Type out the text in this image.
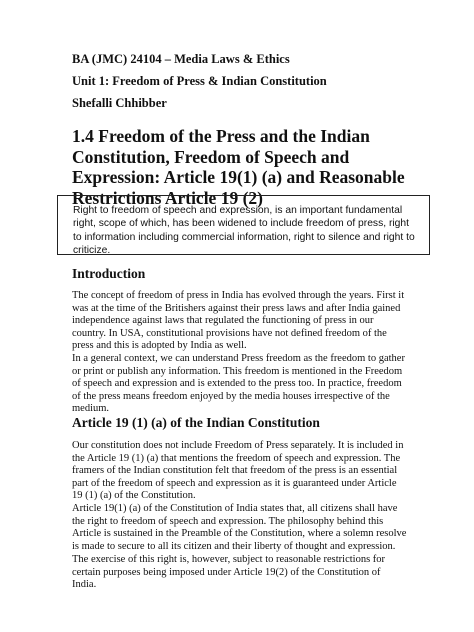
BA (JMC) 24104 – Media Laws & Ethics
Unit 1: Freedom of Press & Indian Constitution
Shefalli Chhibber
1.4 Freedom of the Press and the Indian Constitution, Freedom of Speech and Expression: Article 19(1) (a) and Reasonable Restrictions Article 19 (2)
Right to freedom of speech and expression, is an important fundamental right, scope of which, has been widened to include freedom of press, right to information including commercial information, right to silence and right to criticize.
Introduction
The concept of freedom of press in India has evolved through the years. First it was at the time of the Britishers against their press laws and after India gained independence against laws that regulated the functioning of press in our country. In USA, constitutional provisions have not defined freedom of the press and this is adopted by India as well.
In a general context, we can understand Press freedom as the freedom to gather or print or publish any information. This freedom is mentioned in the Freedom of speech and expression and is extended to the press too. In practice, freedom of the press means freedom enjoyed by the media houses irrespective of the medium.
Article 19 (1) (a) of the Indian Constitution
Our constitution does not include Freedom of Press separately. It is included in the Article 19 (1) (a) that mentions the freedom of speech and expression. The framers of the Indian constitution felt that freedom of the press is an essential part of the freedom of speech and expression as it is guaranteed under Article 19 (1) (a) of the Constitution.
Article 19(1) (a) of the Constitution of India states that, all citizens shall have the right to freedom of speech and expression. The philosophy behind this Article is sustained in the Preamble of the Constitution, where a solemn resolve is made to secure to all its citizen and their liberty of thought and expression.
The exercise of this right is, however, subject to reasonable restrictions for certain purposes being imposed under Article 19(2) of the Constitution of India.
